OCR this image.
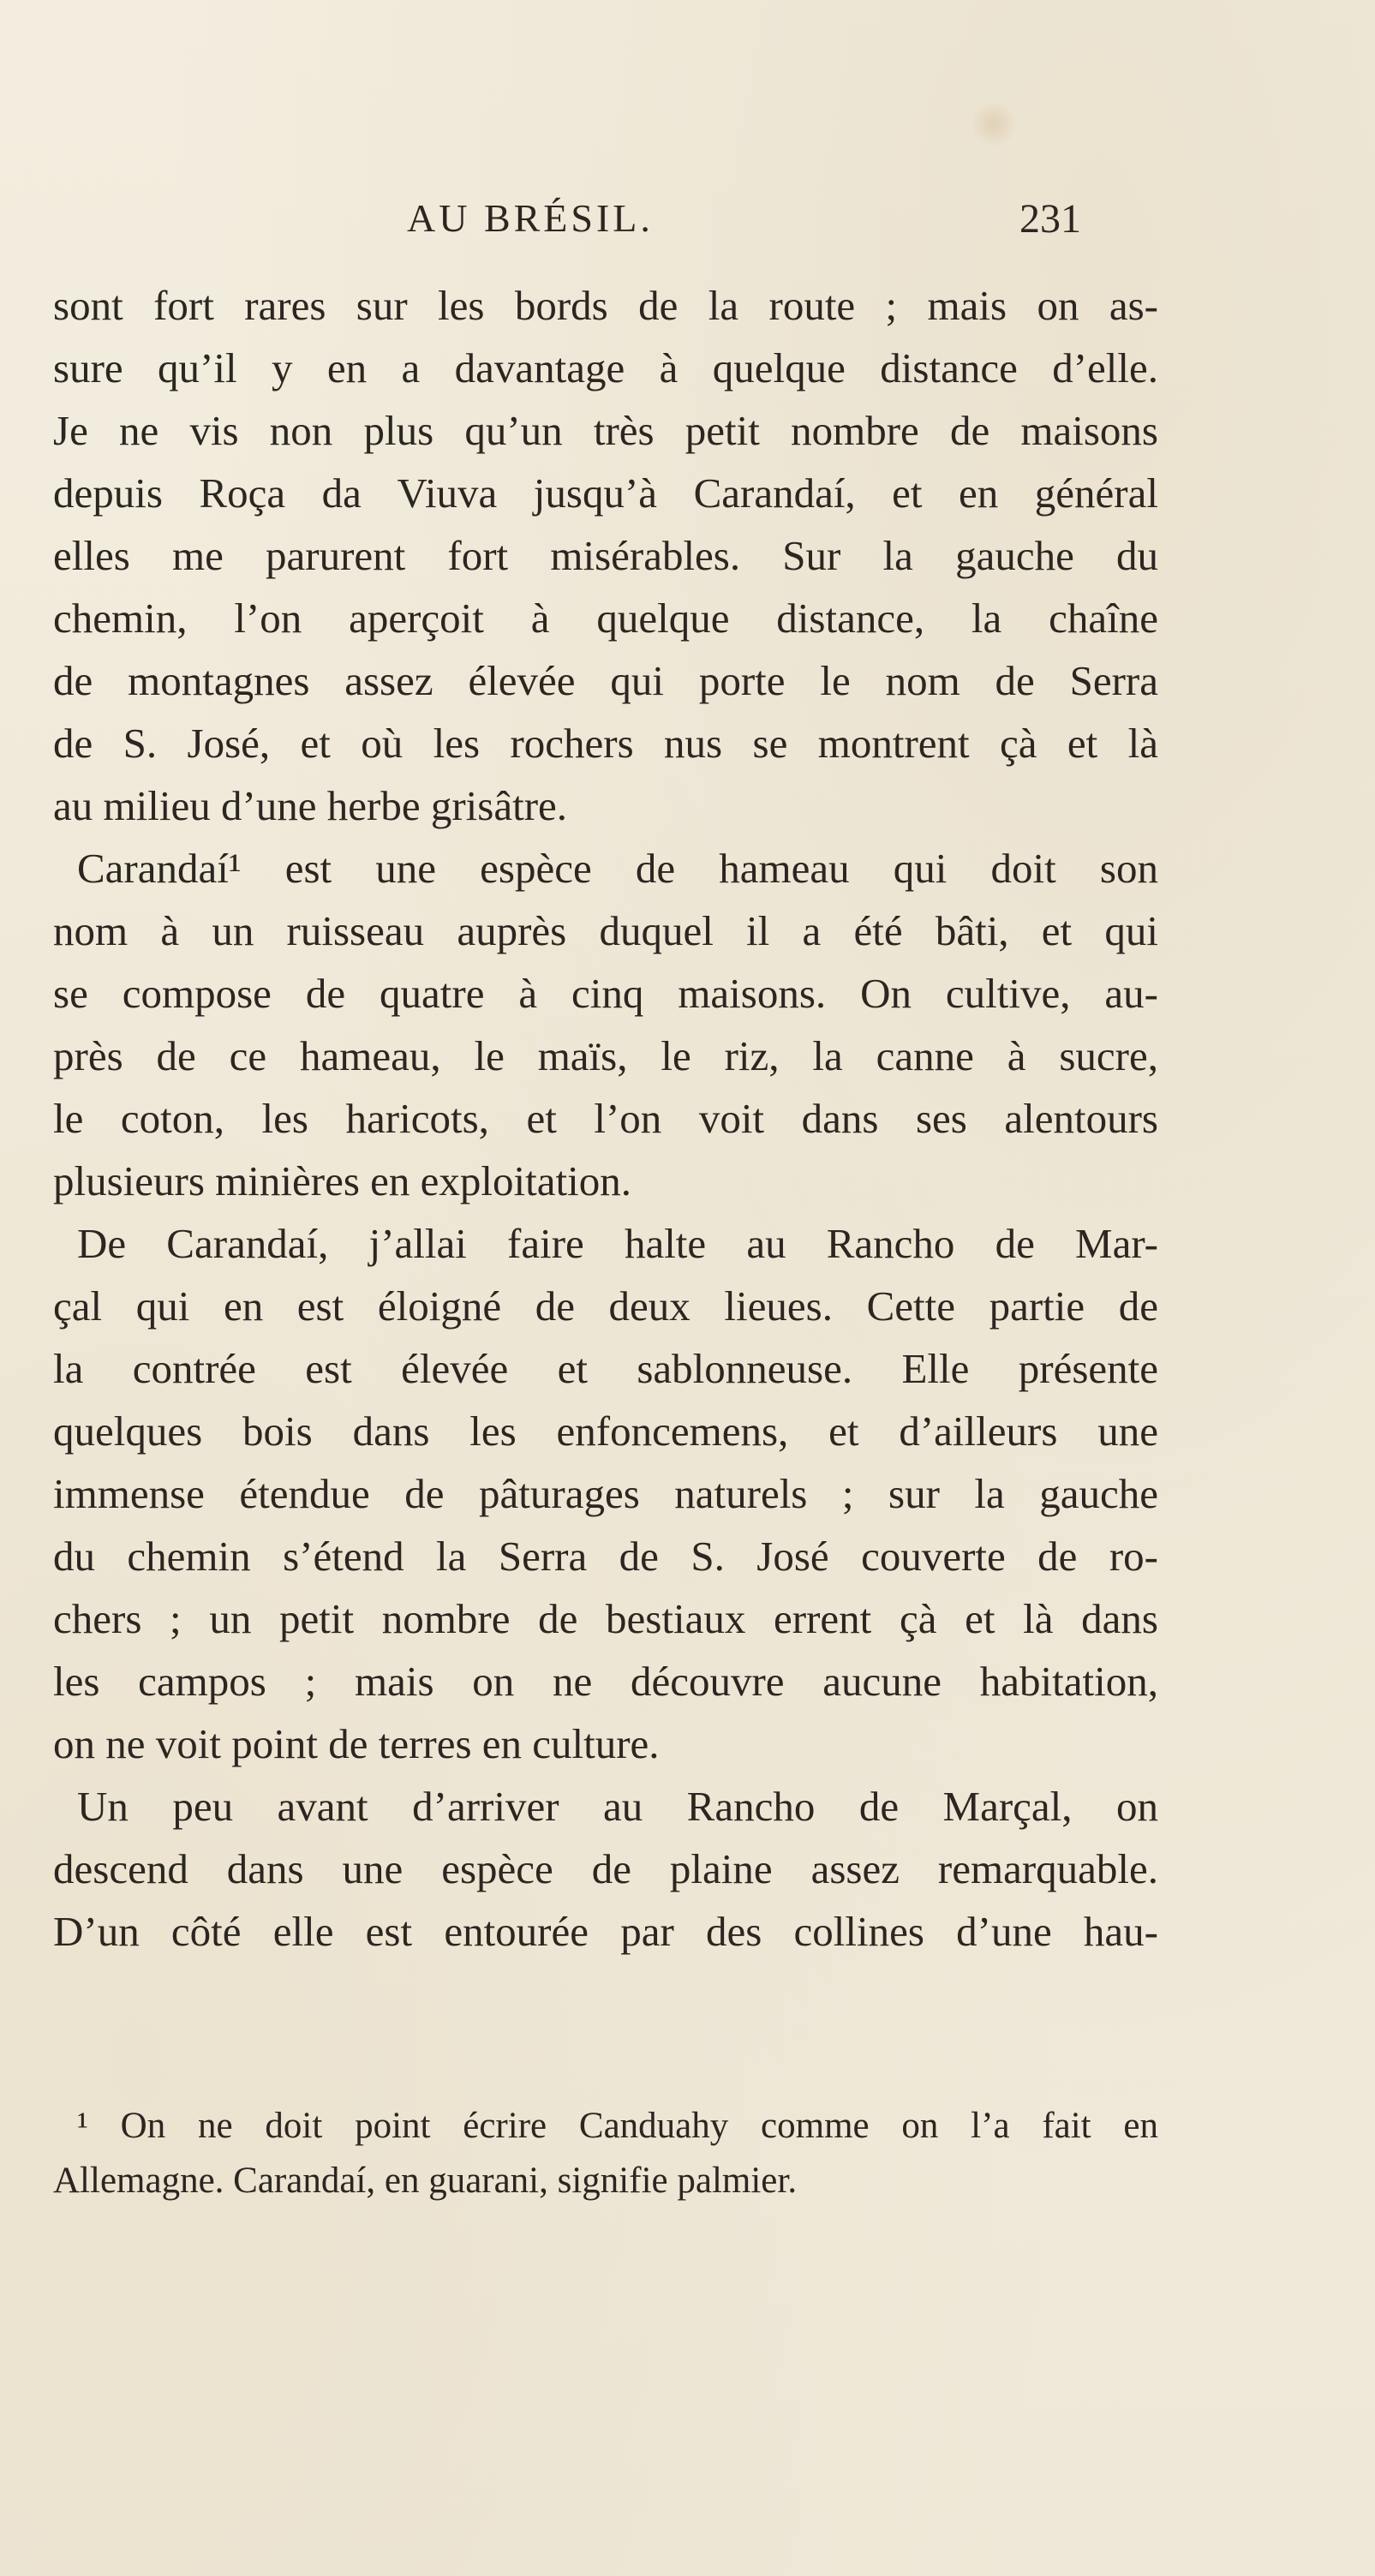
AU BRÉSIL.	231
sont fort rares sur les bords de la route ; mais on as-
sure qu’il y en a davantage à quelque distance d’elle.
Je ne vis non plus qu’un très petit nombre de maisons
depuis Roça da Viuva jusqu’à Carandaí, et en général
elles me parurent fort misérables. Sur la gauche du
chemin, l’on aperçoit à quelque distance, la chaîne
de montagnes assez élevée qui porte le nom de Serra
de S. José, et où les rochers nus se montrent çà et là
au milieu d’une herbe grisâtre.
Carandaí¹ est une espèce de hameau qui doit son
nom à un ruisseau auprès duquel il a été bâti, et qui
se compose de quatre à cinq maisons. On cultive, au-
près de ce hameau, le maïs, le riz, la canne à sucre,
le coton, les haricots, et l’on voit dans ses alentours
plusieurs minières en exploitation.
De Carandaí, j’allai faire halte au Rancho de Mar-
çal qui en est éloigné de deux lieues. Cette partie de
la contrée est élevée et sablonneuse. Elle présente
quelques bois dans les enfoncemens, et d’ailleurs une
immense étendue de pâturages naturels ; sur la gauche
du chemin s’étend la Serra de S. José couverte de ro-
chers ; un petit nombre de bestiaux errent çà et là dans
les campos ; mais on ne découvre aucune habitation,
on ne voit point de terres en culture.
Un peu avant d’arriver au Rancho de Marçal, on
descend dans une espèce de plaine assez remarquable.
D’un côté elle est entourée par des collines d’une hau-
¹ On ne doit point écrire Canduahy comme on l’a fait en
Allemagne. Carandaí, en guarani, signifie palmier.
